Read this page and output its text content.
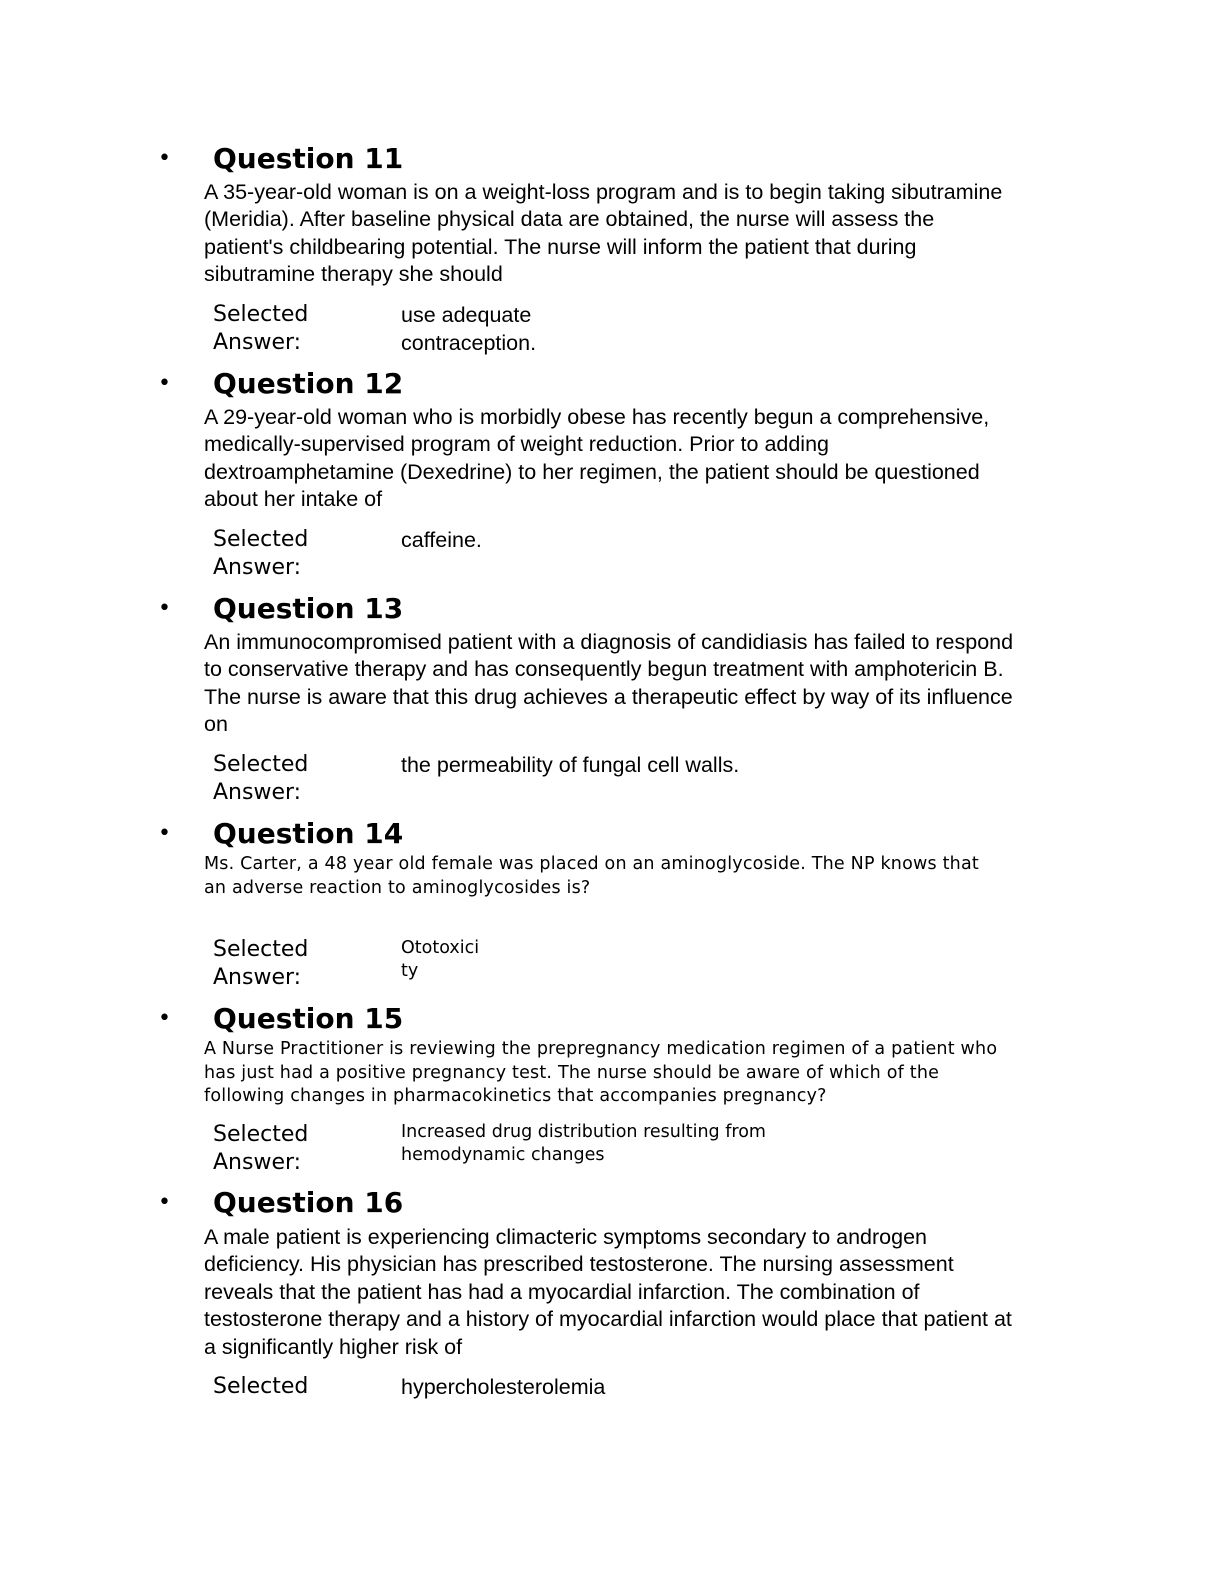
• Question 11
A 35-year-old woman is on a weight-loss program and is to begin taking sibutramine
(Meridia). After baseline physical data are obtained, the nurse will assess the
patient's childbearing potential. The nurse will inform the patient that during
sibutramine therapy she should
Selected
Answer:
use adequate
contraception.
• Question 12
A 29-year-old woman who is morbidly obese has recently begun a comprehensive,
medically-supervised program of weight reduction. Prior to adding
dextroamphetamine (Dexedrine) to her regimen, the patient should be questioned
about her intake of
Selected
Answer:
caffeine.
• Question 13
An immunocompromised patient with a diagnosis of candidiasis has failed to respond
to conservative therapy and has consequently begun treatment with amphotericin B.
The nurse is aware that this drug achieves a therapeutic effect by way of its influence
on
Selected
Answer:
the permeability of fungal cell walls.
• Question 14
Ms. Carter, a 48 year old female was placed on an aminoglycoside. The NP knows that
an adverse reaction to aminoglycosides is?
Selected
Answer:
Ototoxici
ty
• Question 15
A Nurse Practitioner is reviewing the prepregnancy medication regimen of a patient who
has just had a positive pregnancy test. The nurse should be aware of which of the
following changes in pharmacokinetics that accompanies pregnancy?
Selected
Answer:
Increased drug distribution resulting from
hemodynamic changes
• Question 16
A male patient is experiencing climacteric symptoms secondary to androgen
deficiency. His physician has prescribed testosterone. The nursing assessment
reveals that the patient has had a myocardial infarction. The combination of
testosterone therapy and a history of myocardial infarction would place that patient at
a significantly higher risk of
Selected	hypercholesterolemia
